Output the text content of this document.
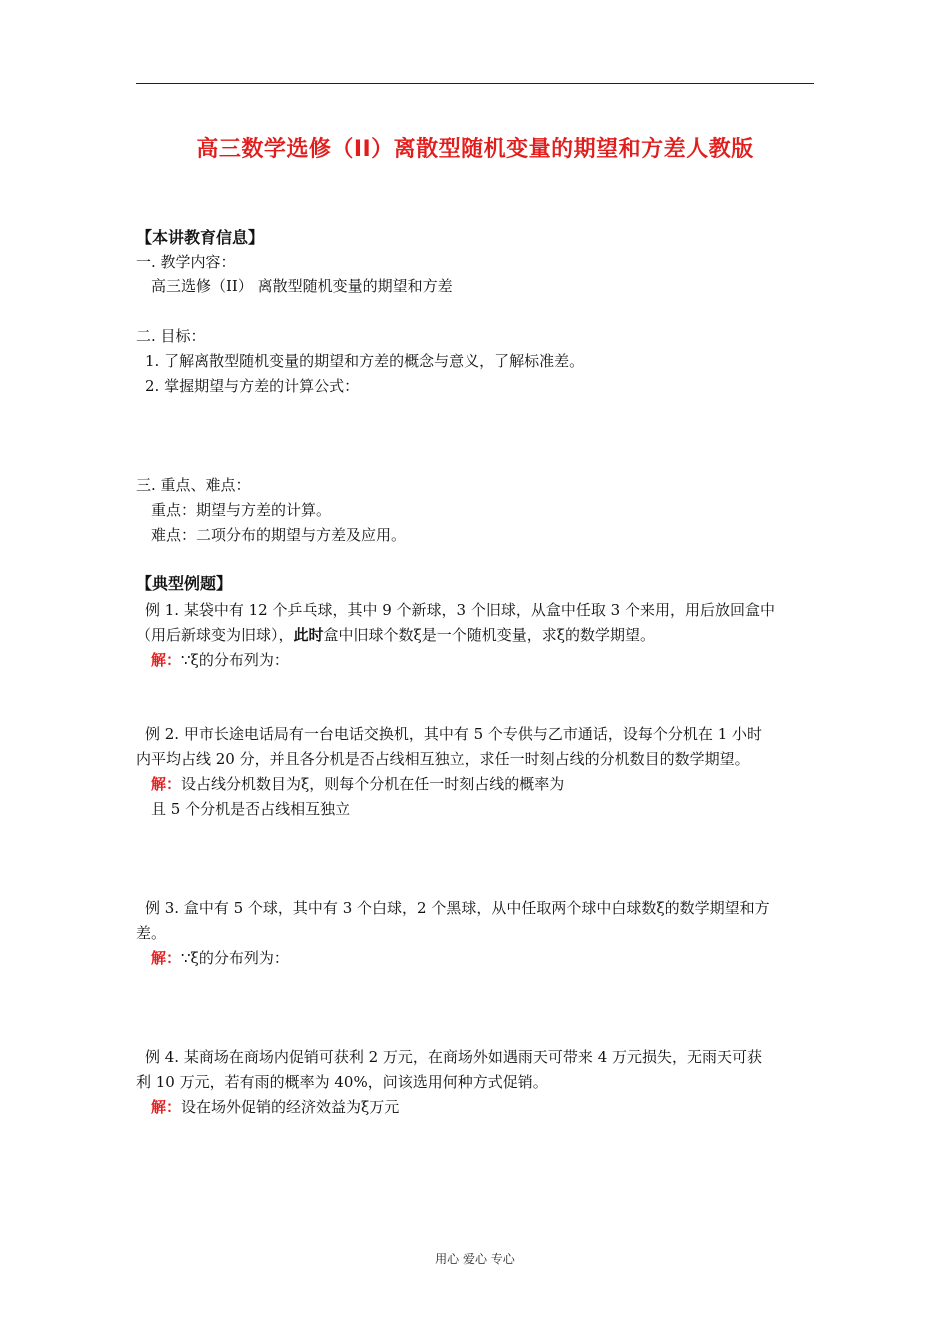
高三数学选修（II）离散型随机变量的期望和方差人教版
【本讲教育信息】
一. 教学内容：
高三选修（II） 离散型随机变量的期望和方差
二. 目标：
1. 了解离散型随机变量的期望和方差的概念与意义，了解标准差。
2. 掌握期望与方差的计算公式：
三. 重点、难点：
重点：期望与方差的计算。
难点：二项分布的期望与方差及应用。
【典型例题】
例 1. 某袋中有 12 个乒乓球，其中 9 个新球，3 个旧球，从盒中任取 3 个来用，用后放回盒中
（用后新球变为旧球），此时盒中旧球个数ξ是一个随机变量，求ξ的数学期望。
解：∵ξ的分布列为：
例 2. 甲市长途电话局有一台电话交换机，其中有 5 个专供与乙市通话，设每个分机在 1 小时
内平均占线 20 分，并且各分机是否占线相互独立，求任一时刻占线的分机数目的数学期望。
解：设占线分机数目为ξ，则每个分机在任一时刻占线的概率为
且 5 个分机是否占线相互独立
例 3. 盒中有 5 个球，其中有 3 个白球，2 个黑球，从中任取两个球中白球数ξ的数学期望和方
差。
解：∵ξ的分布列为：
例 4. 某商场在商场内促销可获利 2 万元，在商场外如遇雨天可带来 4 万元损失，无雨天可获
利 10 万元，若有雨的概率为 40%，问该选用何种方式促销。
解：设在场外促销的经济效益为ξ万元
用心 爱心 专心
